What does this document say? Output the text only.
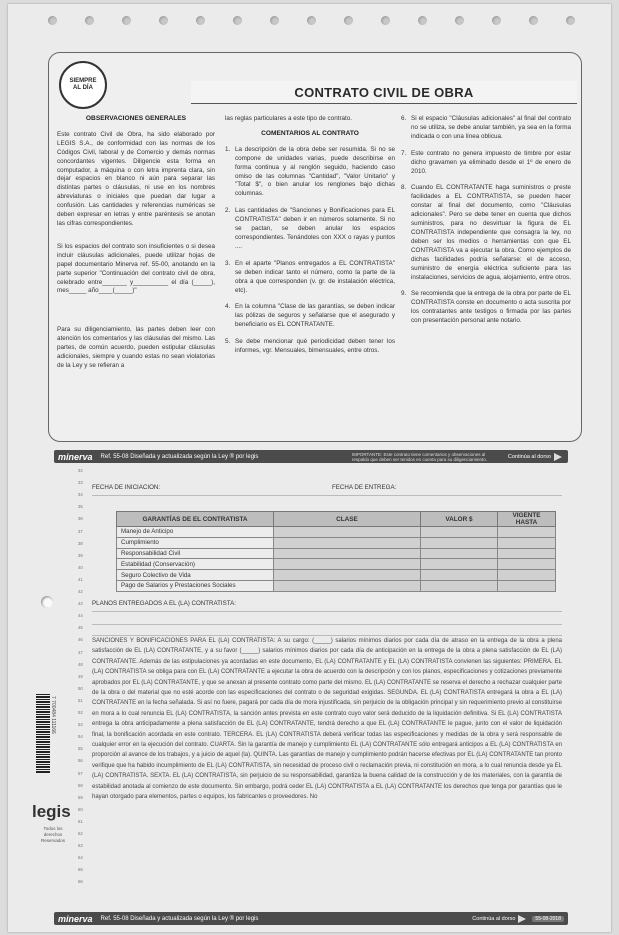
SIEMPRE
AL DÍA	CONTRATO CIVIL DE OBRA
OBSERVACIONES GENERALES

Este contrato Civil de Obra, ha sido elaborado por LEGIS S.A., de conformidad con las normas de los Códigos Civil, laboral y de Comercio y demás normas concordantes vigentes. Diligencie esta forma en computador, a máquina o con letra imprenta clara, sin dejar espacios en blanco ni aún para separar las distintas partes o cláusulas, ni use en los nombres abreviaturas o iniciales que puedan dar lugar a confusión. Las cantidades y referencias numéricas se deben expresar en letras y entre paréntesis se anotan las cifras correspondientes.

Si los espacios del contrato son insuficientes o si desea incluir cláusulas adicionales, puede utilizar hojas de papel documentario Minerva ref. 55-00, anotando en la parte superior "Continuación del contrato civil de obra, celebrado entre_______ y__________ el día (_____), mes_____ año____(_____)"

Para su diligenciamiento, las partes deben leer con atención los comentarios y las cláusulas del mismo. Las partes, de común acuerdo, pueden estipular cláusulas adicionales, siempre y cuando estas no sean violatorias de la Ley y se refieran a

las reglas particulares a este tipo de contrato.

COMENTARIOS AL CONTRATO
1. La descripción de la obra debe ser resumida. Si no se compone de unidades varias, puede describirse en forma continua y al renglón seguido, haciendo caso omiso de las columnas "Cantidad", "Valor Unitario" y "Total $", o bien anular los renglones bajo dichas columnas.
2. Las cantidades de "Sanciones y Bonificaciones para EL CONTRATISTA" deben ir en números solamente. Si no se pactan, se deben anular los espacios correspondientes. Tenándoles con XXX o rayas y puntos ....
3. En el aparte "Planos entregados a EL CONTRATISTA" se deben indicar tanto el número, como la parte de la obra a que corresponden (v. gr. de instalación eléctrica, etc).
4. En la columna "Clase de las garantías, se deben indicar las pólizas de seguros y señalarse que el asegurado y beneficiario es EL CONTRATANTE.
5. Se debe mencionar qué periodicidad deben tener los informes, vgr. Mensuales, bimensuales, entre otros.
6. Si el espacio "Cláusulas adicionales" al final del contrato no se utiliza, se debe anular también, ya sea en la forma indicada o con una línea oblicua.
7. Este contrato no genera impuesto de timbre por estar dicho gravamen ya eliminado desde el 1º de enero de 2010.
8. Cuando EL CONTRATANTE haga suministros o preste facilidades a EL CONTRATISTA, se pueden hacer constar al final del documento, como "Cláusulas adicionales". Pero se debe tener en cuenta que dichos suministros, para no desvirtuar la figura de EL CONTRATISTA independiente que consagra la ley, no deben ser los medios o herramientas con que EL CONTRATISTA va a ejecutar la obra. Como ejemplos de dichas facilidades podría señalarse: el de acceso, suministro de energía eléctrica suficiente para las instalaciones, servicios de agua, alojamiento, entre otros.
9. Se recomienda que la entrega de la obra por parte de EL CONTRATISTA conste en documento o acta suscrita por los contratantes ante testigos o firmada por las partes con presentación personal ante notario.
minerva Ref. 55-08 Diseñada y actualizada según la Ley ® por legis	IMPORTANTE: Este contrato tiene comentarios y observaciones al respaldo que deben ser tenidos en cuenta para su diligenciamiento.	Continúa al dorso
7 700484 111166
legis
Todos los derechos Reservados
32
33
34
35
36
37
38
39
40
41
42
43
44
45
46
47
48
49
50
51
52
53
54
55
56
57
58
59
60
61
62
63
64
65
66
FECHA DE INICIACIÓN:	FECHA DE ENTREGA:
GARANTÍAS DE EL CONTRATISTA	CLASE	VALOR $	VIGENTE HASTA
Manejo de Anticipo			
Cumplimiento			
Responsabilidad Civil			
Estabilidad (Conservación)			
Seguro Colectivo de Vida			
Pago de Salarios y Prestaciones Sociales			
PLANOS ENTREGADOS A EL (LA) CONTRATISTA:
SANCIONES Y BONIFICACIONES PARA EL (LA) CONTRATISTA: A su cargo: (_____) salarios mínimos diarios por cada día de atraso en la entrega de la obra a plena satisfacción de EL (LA) CONTRATANTE, y a su favor (_____) salarios mínimos diarios por cada día de anticipación en la entrega de la obra a plena satisfacción de EL (LA) CONTRATANTE. Además de las estipulaciones ya acordadas en este documento, EL (LA) CONTRATANTE y EL (LA) CONTRATISTA convienen las siguientes: PRIMERA. EL (LA) CONTRATISTA se obliga para con EL (LA) CONTRATANTE a ejecutar la obra de acuerdo con la descripción y con los planos, especificaciones y cotizaciones previamente aprobados por EL (LA) CONTRATANTE, y que se anexan al presente contrato como parte del mismo. EL (LA) CONTRATANTE se reserva el derecho a rechazar cualquier parte de la obra o del material que no esté acorde con las especificaciones del contrato o de seguridad exigidas. SEGUNDA. EL (LA) CONTRATISTA entregará la obra a EL (LA) CONTRATANTE en la fecha señalada. Si así no fuere, pagará por cada día de mora injustificada, sin perjuicio de la obligación principal y sin requerimiento previo al constituirse en mora a lo cual renuncia EL (LA) CONTRATISTA, la sanción antes prevista en este contrato cuyo valor será deducido de la liquidación definitiva. Si EL (LA) CONTRATISTA entrega la obra anticipadamente a plena satisfacción de EL (LA) CONTRATANTE, tendrá derecho a que EL (LA) CONTRATANTE le pague, junto con el valor de liquidación final, la bonificación acordada en este contrato. TERCERA. EL (LA) CONTRATISTA deberá verificar todas las especificaciones y medidas de la obra y será responsable de cualquier error en la ejecución del contrato. CUARTA. Sin la garantía de manejo y cumplimiento EL (LA) CONTRATANTE sólo entregará anticipos a EL (LA) CONTRATISTA en proporción al avance de los trabajos, y a juicio de aquel (la). QUINTA. Las garantías de manejo y cumplimiento podrán hacerse efectivas por EL (LA) CONTRATANTE tan pronto verifique que ha habido incumplimiento de EL (LA) CONTRATISTA, sin necesidad de proceso civil o reclamación previa, ni constitución en mora, a lo cual renuncia desde ya EL (LA) CONTRATISTA. SEXTA. EL (LA) CONTRATISTA, sin perjuicio de su responsabilidad, garantiza la buena calidad de la construcción y de los materiales, con la garantía de estabilidad anotada al comienzo de este documento. Sin embargo, podrá ceder EL (LA) CONTRATISTA a EL (LA) CONTRATANTE los derechos que tenga por garantías que le hayan otorgado para elementos, partes o equipos, los fabricantes o proveedores. No
minerva Ref. 55-08 Diseñada y actualizada según la Ley ® por legis	Continúa al dorso	55-08-2018
